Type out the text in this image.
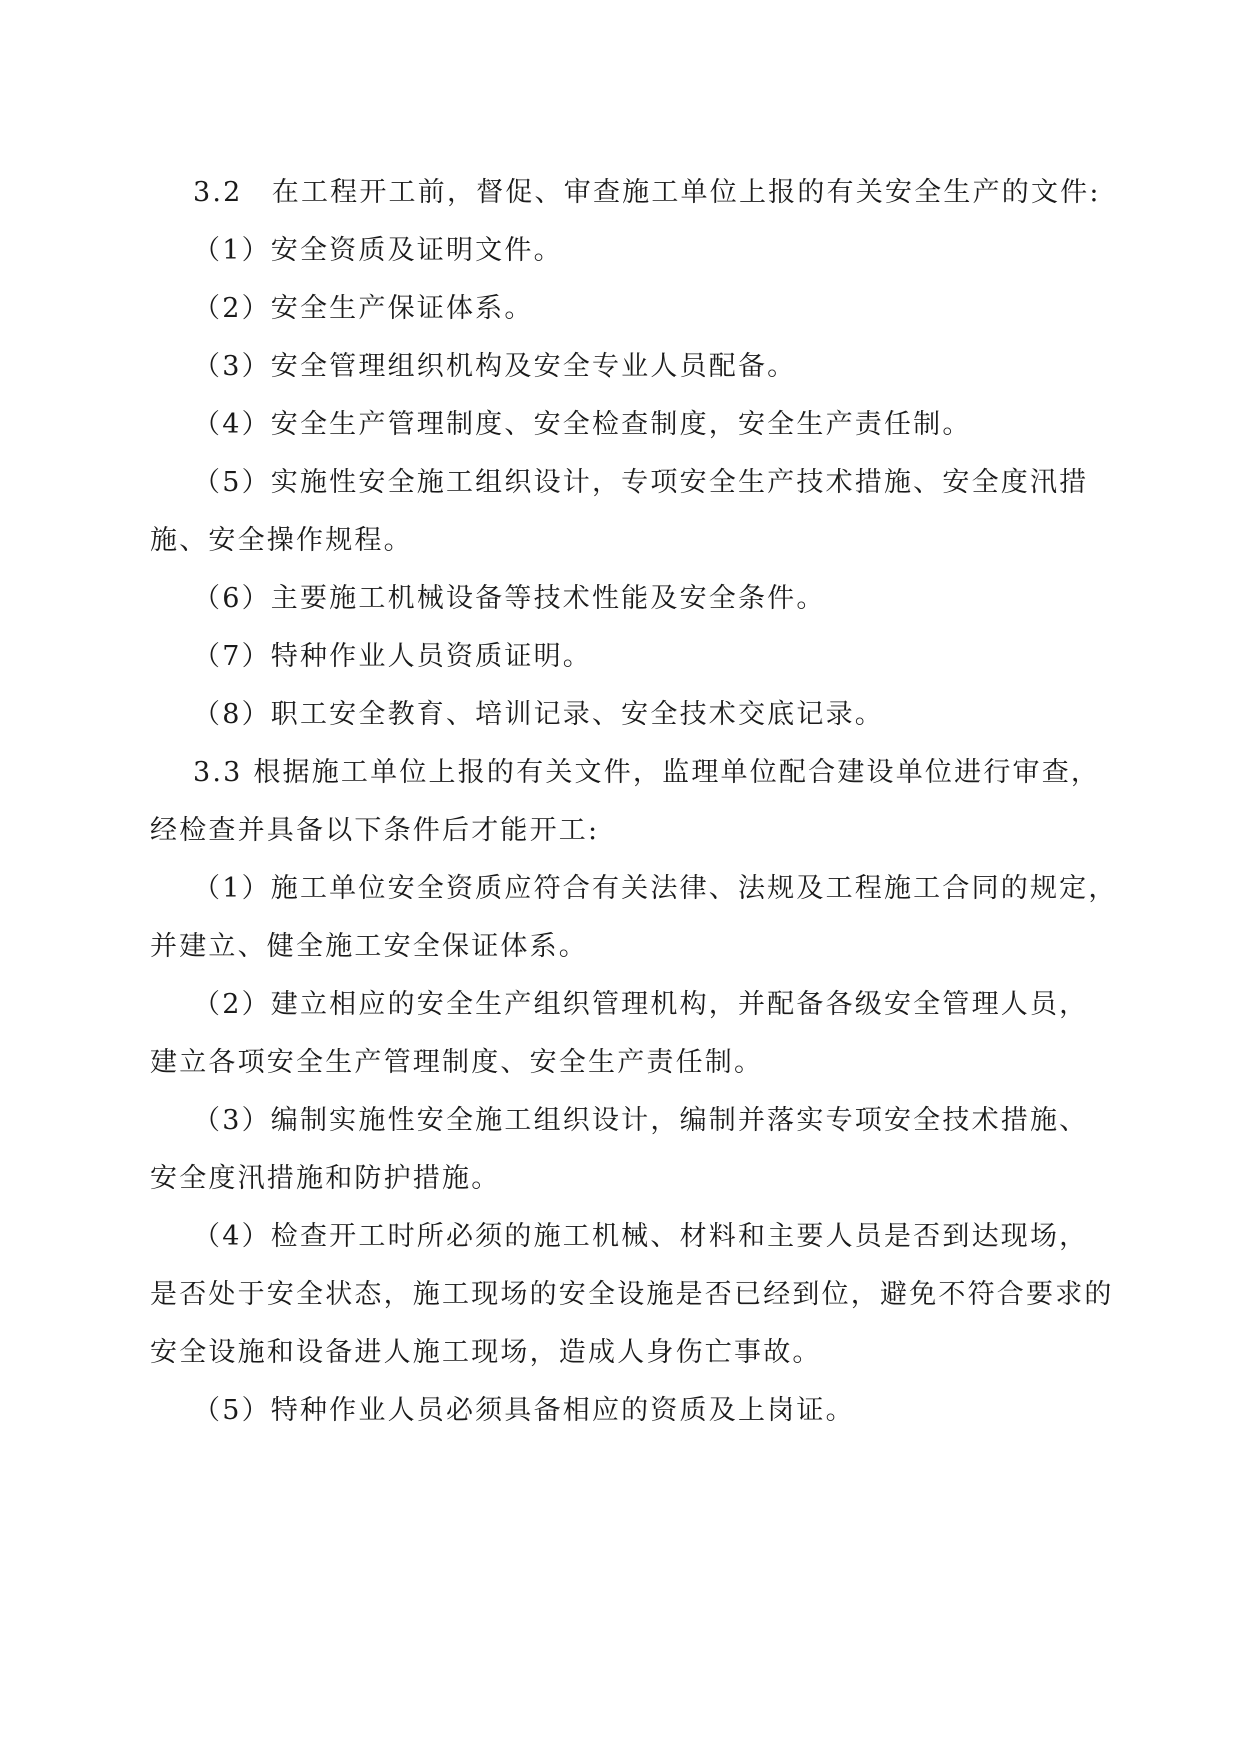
3.2　在工程开工前，督促、审查施工单位上报的有关安全生产的文件:
（1）安全资质及证明文件。
（2）安全生产保证体系。
（3）安全管理组织机构及安全专业人员配备。
（4）安全生产管理制度、安全检查制度，安全生产责任制。
（5）实施性安全施工组织设计，专项安全生产技术措施、安全度汛措
施、安全操作规程。
（6）主要施工机械设备等技术性能及安全条件。
（7）特种作业人员资质证明。
（8）职工安全教育、培训记录、安全技术交底记录。
3.3 根据施工单位上报的有关文件，监理单位配合建设单位进行审查，
经检查并具备以下条件后才能开工:
（1）施工单位安全资质应符合有关法律、法规及工程施工合同的规定，
并建立、健全施工安全保证体系。
（2）建立相应的安全生产组织管理机构，并配备各级安全管理人员，
建立各项安全生产管理制度、安全生产责任制。
（3）编制实施性安全施工组织设计，编制并落实专项安全技术措施、
安全度汛措施和防护措施。
（4）检查开工时所必须的施工机械、材料和主要人员是否到达现场，
是否处于安全状态，施工现场的安全设施是否已经到位，避免不符合要求的
安全设施和设备进人施工现场，造成人身伤亡事故。
（5）特种作业人员必须具备相应的资质及上岗证。
